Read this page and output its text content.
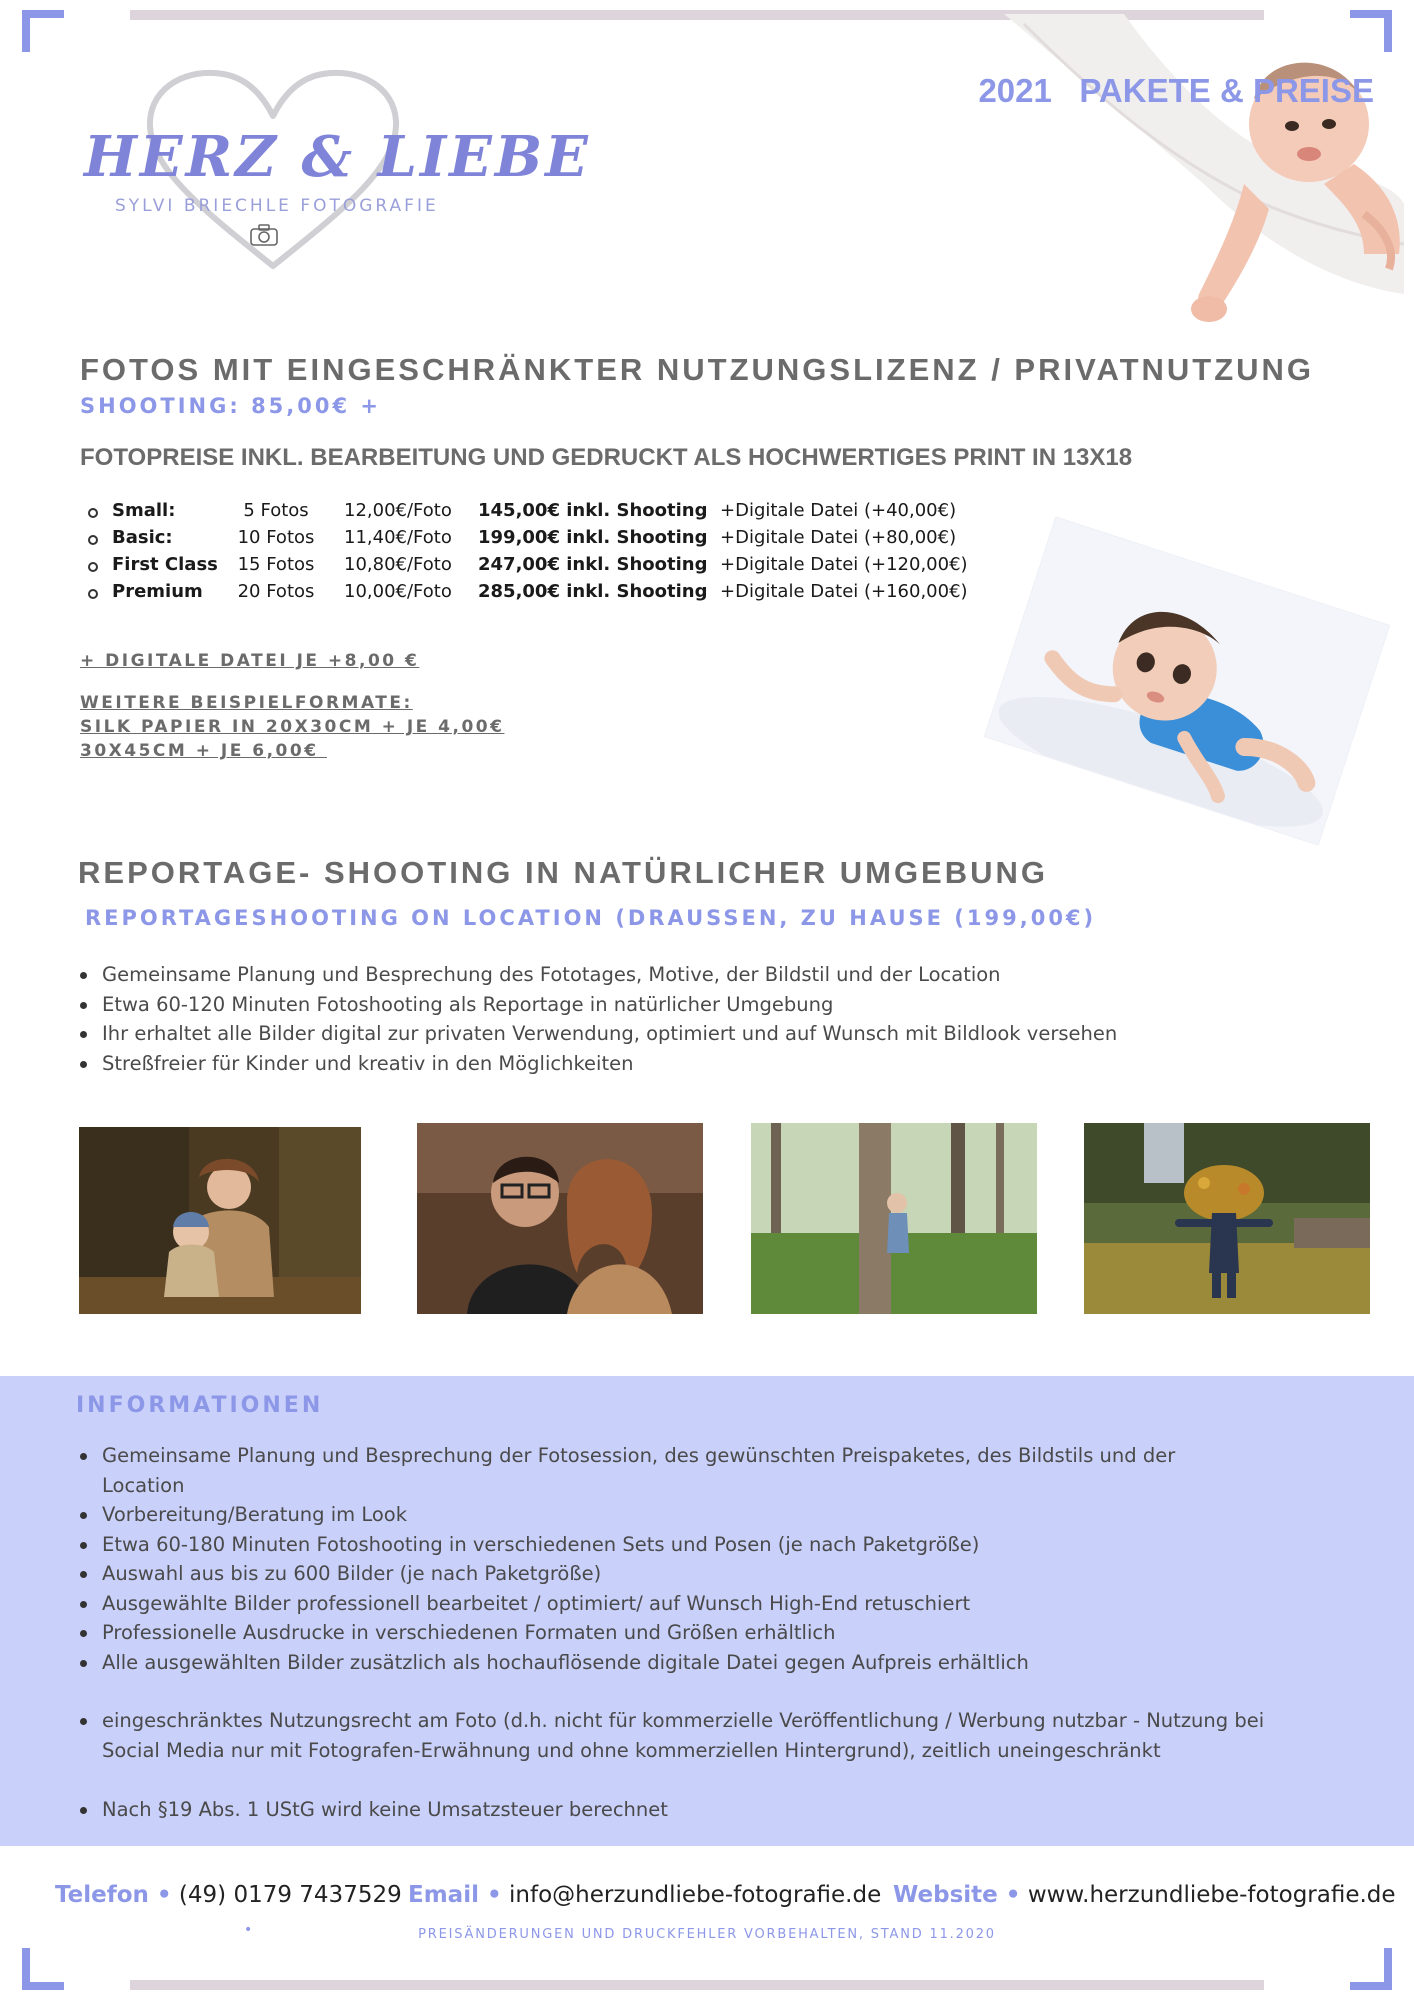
2021 PAKETE & PREISE
HERZ & LIEBE
SYLVI BRIECHLE FOTOGRAFIE
FOTOS MIT EINGESCHRÄNKTER NUTZUNGSLIZENZ / PRIVATNUTZUNG
SHOOTING: 85,00€ +
FOTOPREISE INKL. BEARBEITUNG UND GEDRUCKT ALS HOCHWERTIGES PRINT IN 13X18
Small:	5 Fotos	12,00€/Foto 145,00€ inkl. Shooting +Digitale Datei (+40,00€)
Basic:	10 Fotos	11,40€/Foto 199,00€ inkl. Shooting +Digitale Datei (+80,00€)
First Class	15 Fotos	10,80€/Foto 247,00€ inkl. Shooting +Digitale Datei (+120,00€)
Premium	20 Fotos	10,00€/Foto 285,00€ inkl. Shooting +Digitale Datei (+160,00€)
+ DIGITALE DATEI JE +8,00 €
WEITERE BEISPIELFORMATE:
SILK PAPIER IN 20X30CM + JE 4,00€
30X45CM + JE 6,00€
REPORTAGE- SHOOTING IN NATÜRLICHER UMGEBUNG
REPORTAGESHOOTING ON LOCATION (DRAUSSEN, ZU HAUSE (199,00€)
Gemeinsame Planung und Besprechung des Fototages, Motive, der Bildstil und der Location
Etwa 60-120 Minuten Fotoshooting als Reportage in natürlicher Umgebung
Ihr erhaltet alle Bilder digital zur privaten Verwendung, optimiert und auf Wunsch mit Bildlook versehen
Streßfreier für Kinder und kreativ in den Möglichkeiten
INFORMATIONEN
Gemeinsame Planung und Besprechung der Fotosession, des gewünschten Preispaketes, des Bildstils und der Location
Vorbereitung/Beratung im Look
Etwa 60-180 Minuten Fotoshooting in verschiedenen Sets und Posen (je nach Paketgröße)
Auswahl aus bis zu 600 Bilder (je nach Paketgröße)
Ausgewählte Bilder professionell bearbeitet / optimiert/ auf Wunsch High-End retuschiert
Professionelle Ausdrucke in verschiedenen Formaten und Größen erhältlich
Alle ausgewählten Bilder zusätzlich als hochauflösende digitale Datei gegen Aufpreis erhältlich
eingeschränktes Nutzungsrecht am Foto (d.h. nicht für kommerzielle Veröffentlichung / Werbung nutzbar - Nutzung bei Social Media nur mit Fotografen-Erwähnung und ohne kommerziellen Hintergrund), zeitlich uneingeschränkt
Nach §19 Abs. 1 UStG wird keine Umsatzsteuer berechnet
Telefon • (49) 0179 7437529 Email • info@herzundliebe-fotografie.de Website • www.herzundliebe-fotografie.de
•	PREISÄNDERUNGEN UND DRUCKFEHLER VORBEHALTEN, STAND 11.2020
